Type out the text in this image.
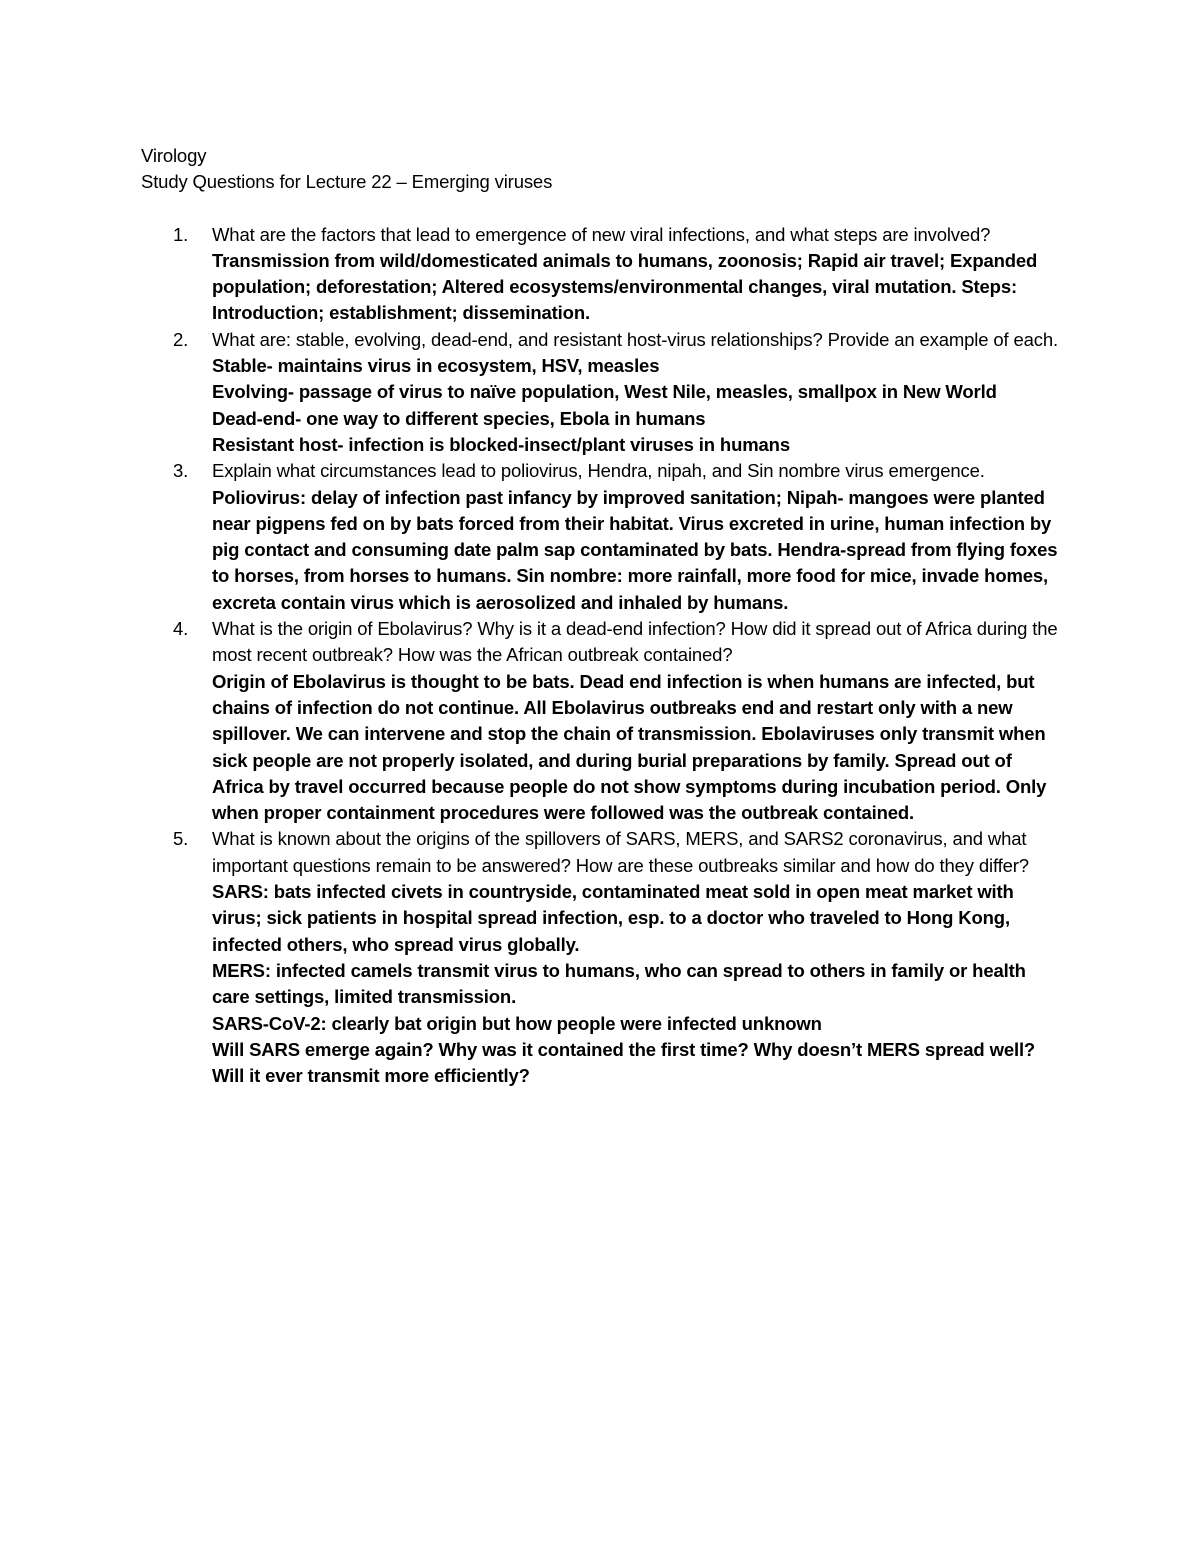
Virology

Study Questions for Lecture 22 – Emerging viruses

1. What are the factors that lead to emergence of new viral infections, and what steps are involved?

Transmission from wild/domesticated animals to humans, zoonosis; Rapid air travel; Expanded population; deforestation; Altered ecosystems/environmental changes, viral mutation. Steps: Introduction; establishment; dissemination.

2. What are: stable, evolving, dead-end, and resistant host-virus relationships? Provide an example of each.

Stable- maintains virus in ecosystem, HSV, measles

Evolving- passage of virus to naïve population, West Nile, measles, smallpox in New World

Dead-end- one way to different species, Ebola in humans

Resistant host- infection is blocked-insect/plant viruses in humans

3. Explain what circumstances lead to poliovirus, Hendra, nipah, and Sin nombre virus emergence.

Poliovirus: delay of infection past infancy by improved sanitation; Nipah- mangoes were planted near pigpens fed on by bats forced from their habitat. Virus excreted in urine, human infection by pig contact and consuming date palm sap contaminated by bats. Hendra-spread from flying foxes to horses, from horses to humans. Sin nombre: more rainfall, more food for mice, invade homes, excreta contain virus which is aerosolized and inhaled by humans.

4. What is the origin of Ebolavirus? Why is it a dead-end infection? How did it spread out of Africa during the most recent outbreak? How was the African outbreak contained?

Origin of Ebolavirus is thought to be bats. Dead end infection is when humans are infected, but chains of infection do not continue. All Ebolavirus outbreaks end and restart only with a new spillover. We can intervene and stop the chain of transmission. Ebolaviruses only transmit when sick people are not properly isolated, and during burial preparations by family. Spread out of Africa by travel occurred because people do not show symptoms during incubation period. Only when proper containment procedures were followed was the outbreak contained.

5. What is known about the origins of the spillovers of SARS, MERS, and SARS2 coronavirus, and what important questions remain to be answered? How are these outbreaks similar and how do they differ?

SARS: bats infected civets in countryside, contaminated meat sold in open meat market with virus; sick patients in hospital spread infection, esp. to a doctor who traveled to Hong Kong, infected others, who spread virus globally.

MERS: infected camels transmit virus to humans, who can spread to others in family or health care settings, limited transmission.

SARS-CoV-2: clearly bat origin but how people were infected unknown

Will SARS emerge again? Why was it contained the first time? Why doesn’t MERS spread well? Will it ever transmit more efficiently?
